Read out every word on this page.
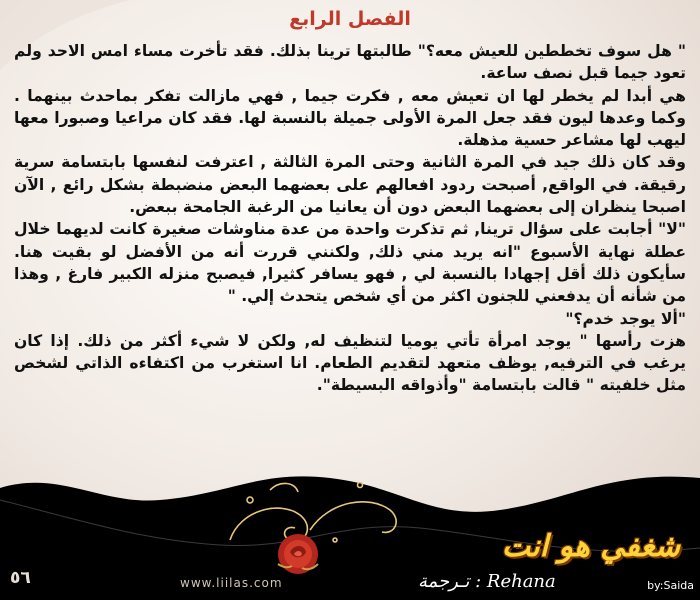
الفصل الرابع

" هل سوف تخططين للعيش معه؟" طالبتها ترينا بذلك. فقد تأخرت مساء امس الاحد ولم تعود جيما قبل نصف ساعة.

هي أبدا لم يخطر لها ان تعيش معه , فكرت جيما , فهي مازالت تفكر بماحدث بينهما . وكما وعدها ليون فقد جعل المرة الأولى جميلة بالنسبة لها. فقد كان مراعيا وصبورا معها ليهب لها مشاعر حسية مذهلة.

وقد كان ذلك جيد في المرة الثانية وحتى المرة الثالثة , اعترفت لنفسها بابتسامة سرية رقيقة. في الواقع, أصبحت ردود افعالهم على بعضهما البعض منضبطة بشكل رائع , الآن اصبحا ينظران إلى بعضهما البعض دون أن يعانيا من الرغبة الجامحة ببعض.

"لا" أجابت على سؤال ترينا, ثم تذكرت واحدة من عدة مناوشات صغيرة كانت لديهما خلال عطلة نهاية الأسبوع "انه يريد مني ذلك, ولكنني قررت أنه من الأفضل لو بقيت هنا. سأيكون ذلك أقل إجهادا بالنسبة لي , فهو يسافر كثيرا, فيصبح منزله الكبير فارغ , وهذا من شأنه أن يدفعني للجنون اكثر من أي شخص يتحدث إلي. "

"ألا يوجد خدم؟"

هزت رأسها " يوجد امرأة تأتي يوميا لتنظيف له, ولكن لا شيء أكثر من ذلك. إذا كان يرغب في الترفيه, يوظف متعهد لتقديم الطعام. انا استغرب من اكتفاءه الذاتي لشخص مثل خلفيته " قالت بابتسامة "وأذواقه البسيطة".

شغفي هو انت
Rehana : تـرجمة	by:Saida
www.liilas.com
٥٦
